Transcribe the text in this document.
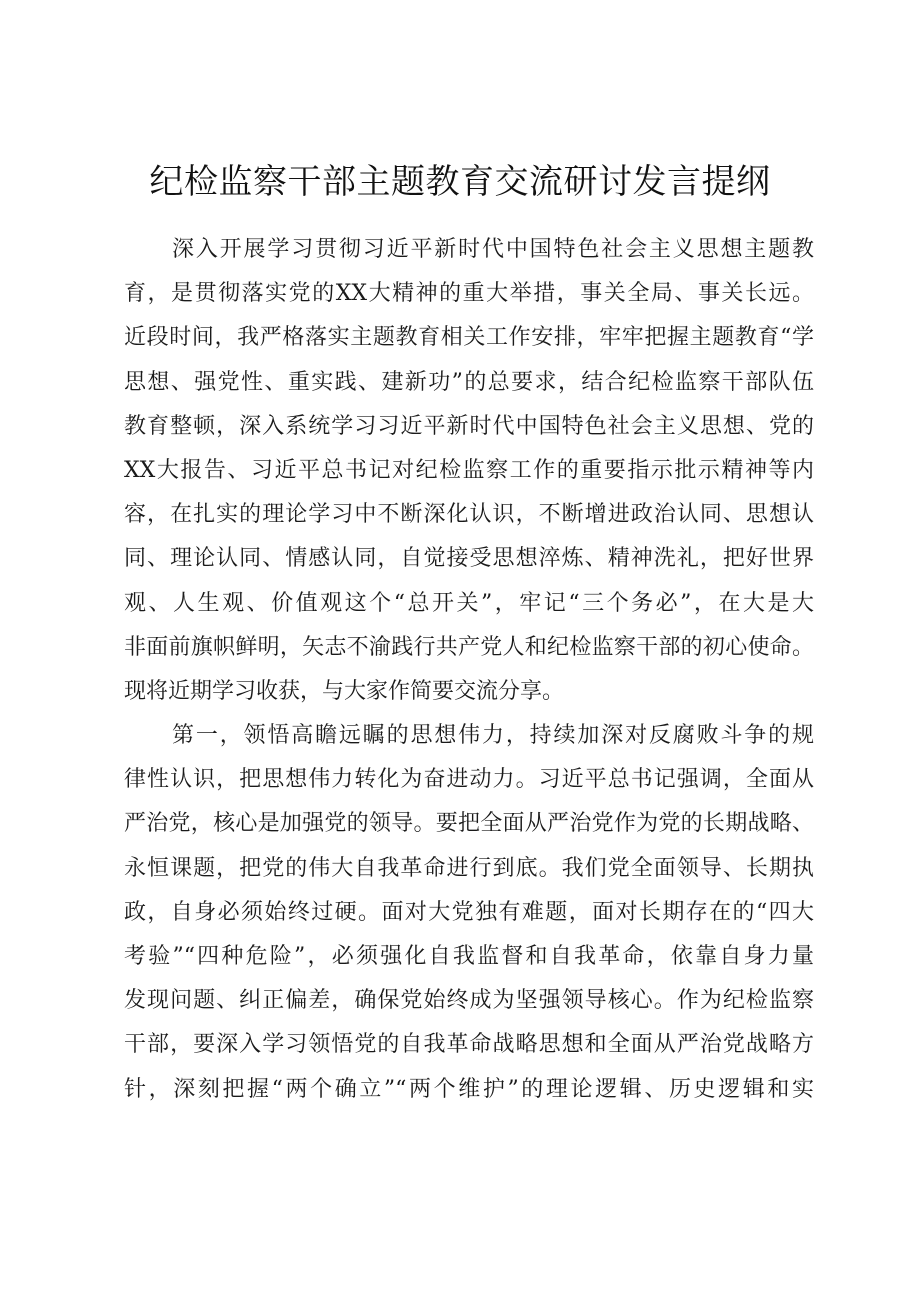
纪检监察干部主题教育交流研讨发言提纲
深入开展学习贯彻习近平新时代中国特色社会主义思想主题教
育，是贯彻落实党的XX大精神的重大举措，事关全局、事关长远。
近段时间，我严格落实主题教育相关工作安排，牢牢把握主题教育“学
思想、强党性、重实践、建新功”的总要求，结合纪检监察干部队伍
教育整顿，深入系统学习习近平新时代中国特色社会主义思想、党的
XX大报告、习近平总书记对纪检监察工作的重要指示批示精神等内
容，在扎实的理论学习中不断深化认识，不断增进政治认同、思想认
同、理论认同、情感认同，自觉接受思想淬炼、精神洗礼，把好世界
观、人生观、价值观这个“总开关”，牢记“三个务必”，在大是大
非面前旗帜鲜明，矢志不渝践行共产党人和纪检监察干部的初心使命。
现将近期学习收获，与大家作简要交流分享。
第一，领悟高瞻远瞩的思想伟力，持续加深对反腐败斗争的规
律性认识，把思想伟力转化为奋进动力。习近平总书记强调，全面从
严治党，核心是加强党的领导。要把全面从严治党作为党的长期战略、
永恒课题，把党的伟大自我革命进行到底。我们党全面领导、长期执
政，自身必须始终过硬。面对大党独有难题，面对长期存在的“四大
考验”“四种危险”，必须强化自我监督和自我革命，依靠自身力量
发现问题、纠正偏差，确保党始终成为坚强领导核心。作为纪检监察
干部，要深入学习领悟党的自我革命战略思想和全面从严治党战略方
针，深刻把握“两个确立”“两个维护”的理论逻辑、历史逻辑和实
